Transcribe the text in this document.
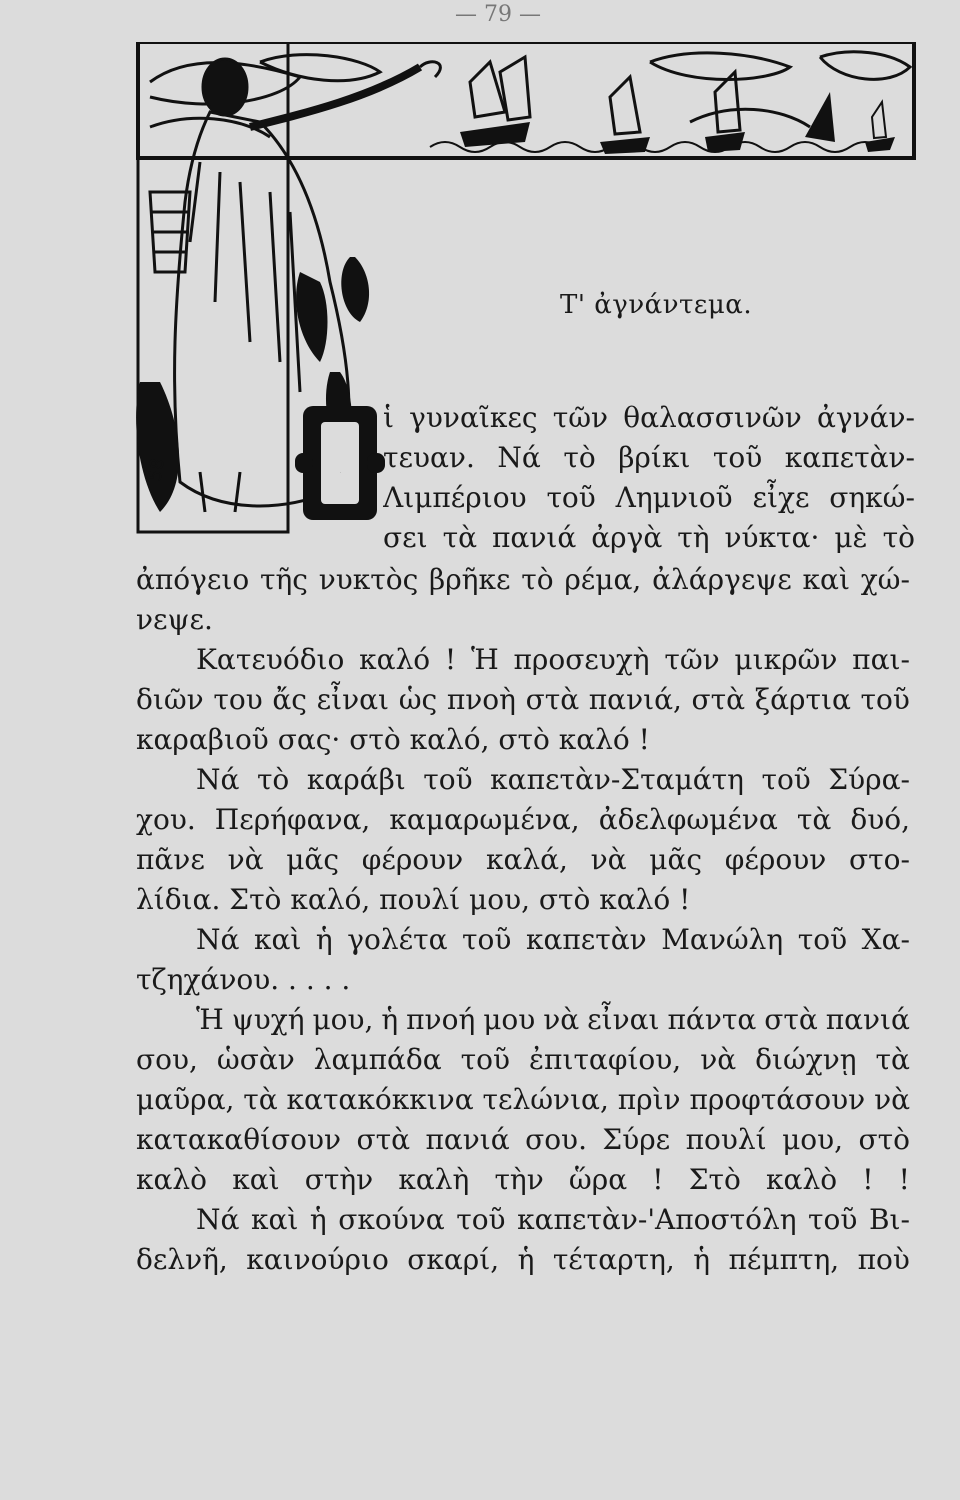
— 79 —
58
Τ' ἀγνάντεμα.
Ο
ἱ γυναῖκες τῶν θαλασσινῶν ἀγνάν-
τευαν. Νά τὸ βρίκι τοῦ καπετὰν-
Λιμπέριου τοῦ Λημνιοῦ εἶχε σηκώ-
σει τὰ πανιά ἀργὰ τὴ νύκτα· μὲ τὸ
ἀπόγειο τῆς νυκτὸς βρῆκε τὸ ρέμα, ἀλάργεψε καὶ χώ-
νεψε.
Κατευόδιο καλό ! Ἡ προσευχὴ τῶν μικρῶν παι-
διῶν του ἄς εἶναι ὡς πνοὴ στὰ πανιά, στὰ ξάρτια τοῦ
καραβιοῦ σας· στὸ καλό, στὸ καλό !
Νά τὸ καράβι τοῦ καπετὰν-Σταμάτη τοῦ Σύρα-
χου. Περήφανα, καμαρωμένα, ἀδελφωμένα τὰ δυό,
πᾶνε νὰ μᾶς φέρουν καλά, νὰ μᾶς φέρουν στο-
λίδια. Στὸ καλό, πουλί μου, στὸ καλό !
Νά καὶ ἡ γολέτα τοῦ καπετὰν Μανώλη τοῦ Χα-
τζηχάνου. . . . .
Ἡ ψυχή μου, ἡ πνοή μου νὰ εἶναι πάντα στὰ πανιά
σου, ὡσὰν λαμπάδα τοῦ ἐπιταφίου, νὰ διώχνῃ τὰ
μαῦρα, τὰ κατακόκκινα τελώνια, πρὶν προφτάσουν νὰ
κατακαθίσουν στὰ πανιά σου. Σύρε πουλί μου, στὸ
καλὸ καὶ στὴν καλὴ τὴν ὥρα ! Στὸ καλὸ ! !
Νά καὶ ἡ σκούνα τοῦ καπετὰν-'Αποστόλη τοῦ Βι-
δελνῆ, καινούριο σκαρί, ἡ τέταρτη, ἡ πέμπτη, ποὺ
